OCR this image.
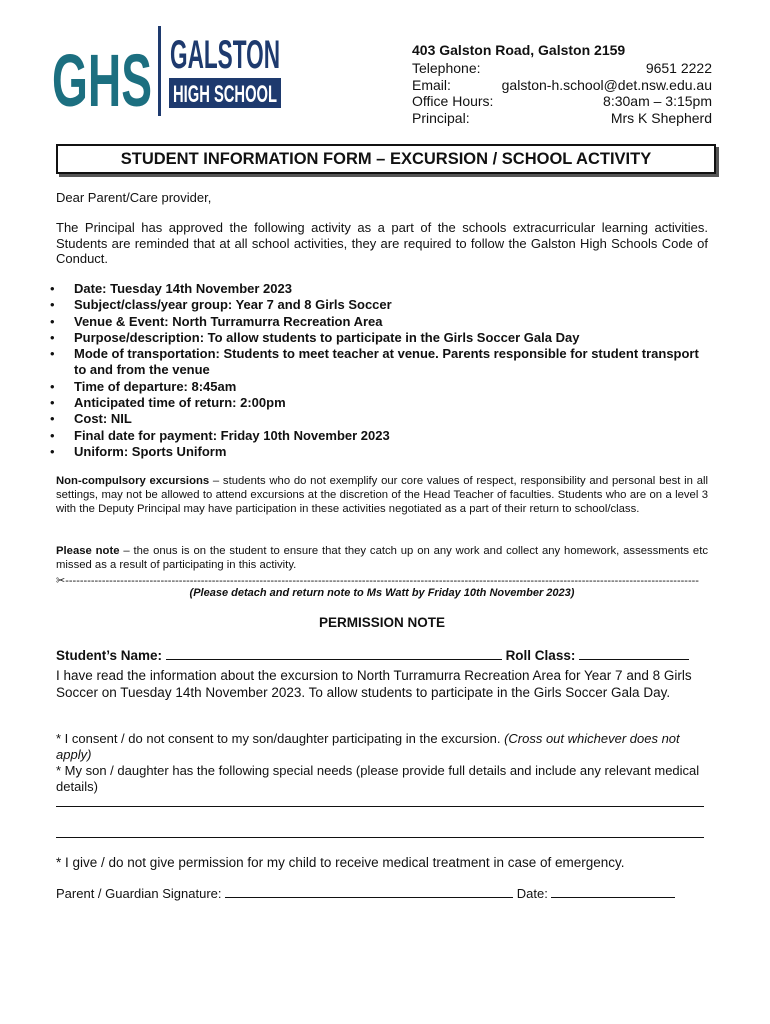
GHS GALSTON
HIGH SCHOOL
403 Galston Road, Galston 2159
Telephone:	9651 2222
Email:	galston-h.school@det.nsw.edu.au
Office Hours:	8:30am – 3:15pm
Principal:	Mrs K Shepherd
STUDENT INFORMATION FORM – EXCURSION / SCHOOL ACTIVITY
Dear Parent/Care provider,
The Principal has approved the following activity as a part of the schools extracurricular learning activities. Students are reminded that at all school activities, they are required to follow the Galston High Schools Code of Conduct.
• Date: Tuesday 14th November 2023
• Subject/class/year group: Year 7 and 8 Girls Soccer
• Venue & Event: North Turramurra Recreation Area
• Purpose/description: To allow students to participate in the Girls Soccer Gala Day
• Mode of transportation: Students to meet teacher at venue. Parents responsible for student transport to and from the venue
• Time of departure: 8:45am
• Anticipated time of return: 2:00pm
• Cost: NIL
• Final date for payment: Friday 10th November 2023
• Uniform: Sports Uniform
Non-compulsory excursions – students who do not exemplify our core values of respect, responsibility and personal best in all settings, may not be allowed to attend excursions at the discretion of the Head Teacher of faculties. Students who are on a level 3 with the Deputy Principal may have participation in these activities negotiated as a part of their return to school/class.
Please note – the onus is on the student to ensure that they catch up on any work and collect any homework, assessments etc missed as a result of participating in this activity.
✂-----------------------------------------------------------------------------------------------------------------------------------------------------------------------------
(Please detach and return note to Ms Watt by Friday 10th November 2023)
PERMISSION NOTE
Student’s Name:	Roll Class:
I have read the information about the excursion to North Turramurra Recreation Area for Year 7 and 8 Girls Soccer on Tuesday 14th November 2023. To allow students to participate in the Girls Soccer Gala Day.
* I consent / do not consent to my son/daughter participating in the excursion. (Cross out whichever does not apply)
* My son / daughter has the following special needs (please provide full details and include any relevant medical details)
* I give / do not give permission for my child to receive medical treatment in case of emergency.
Parent / Guardian Signature:	Date:
